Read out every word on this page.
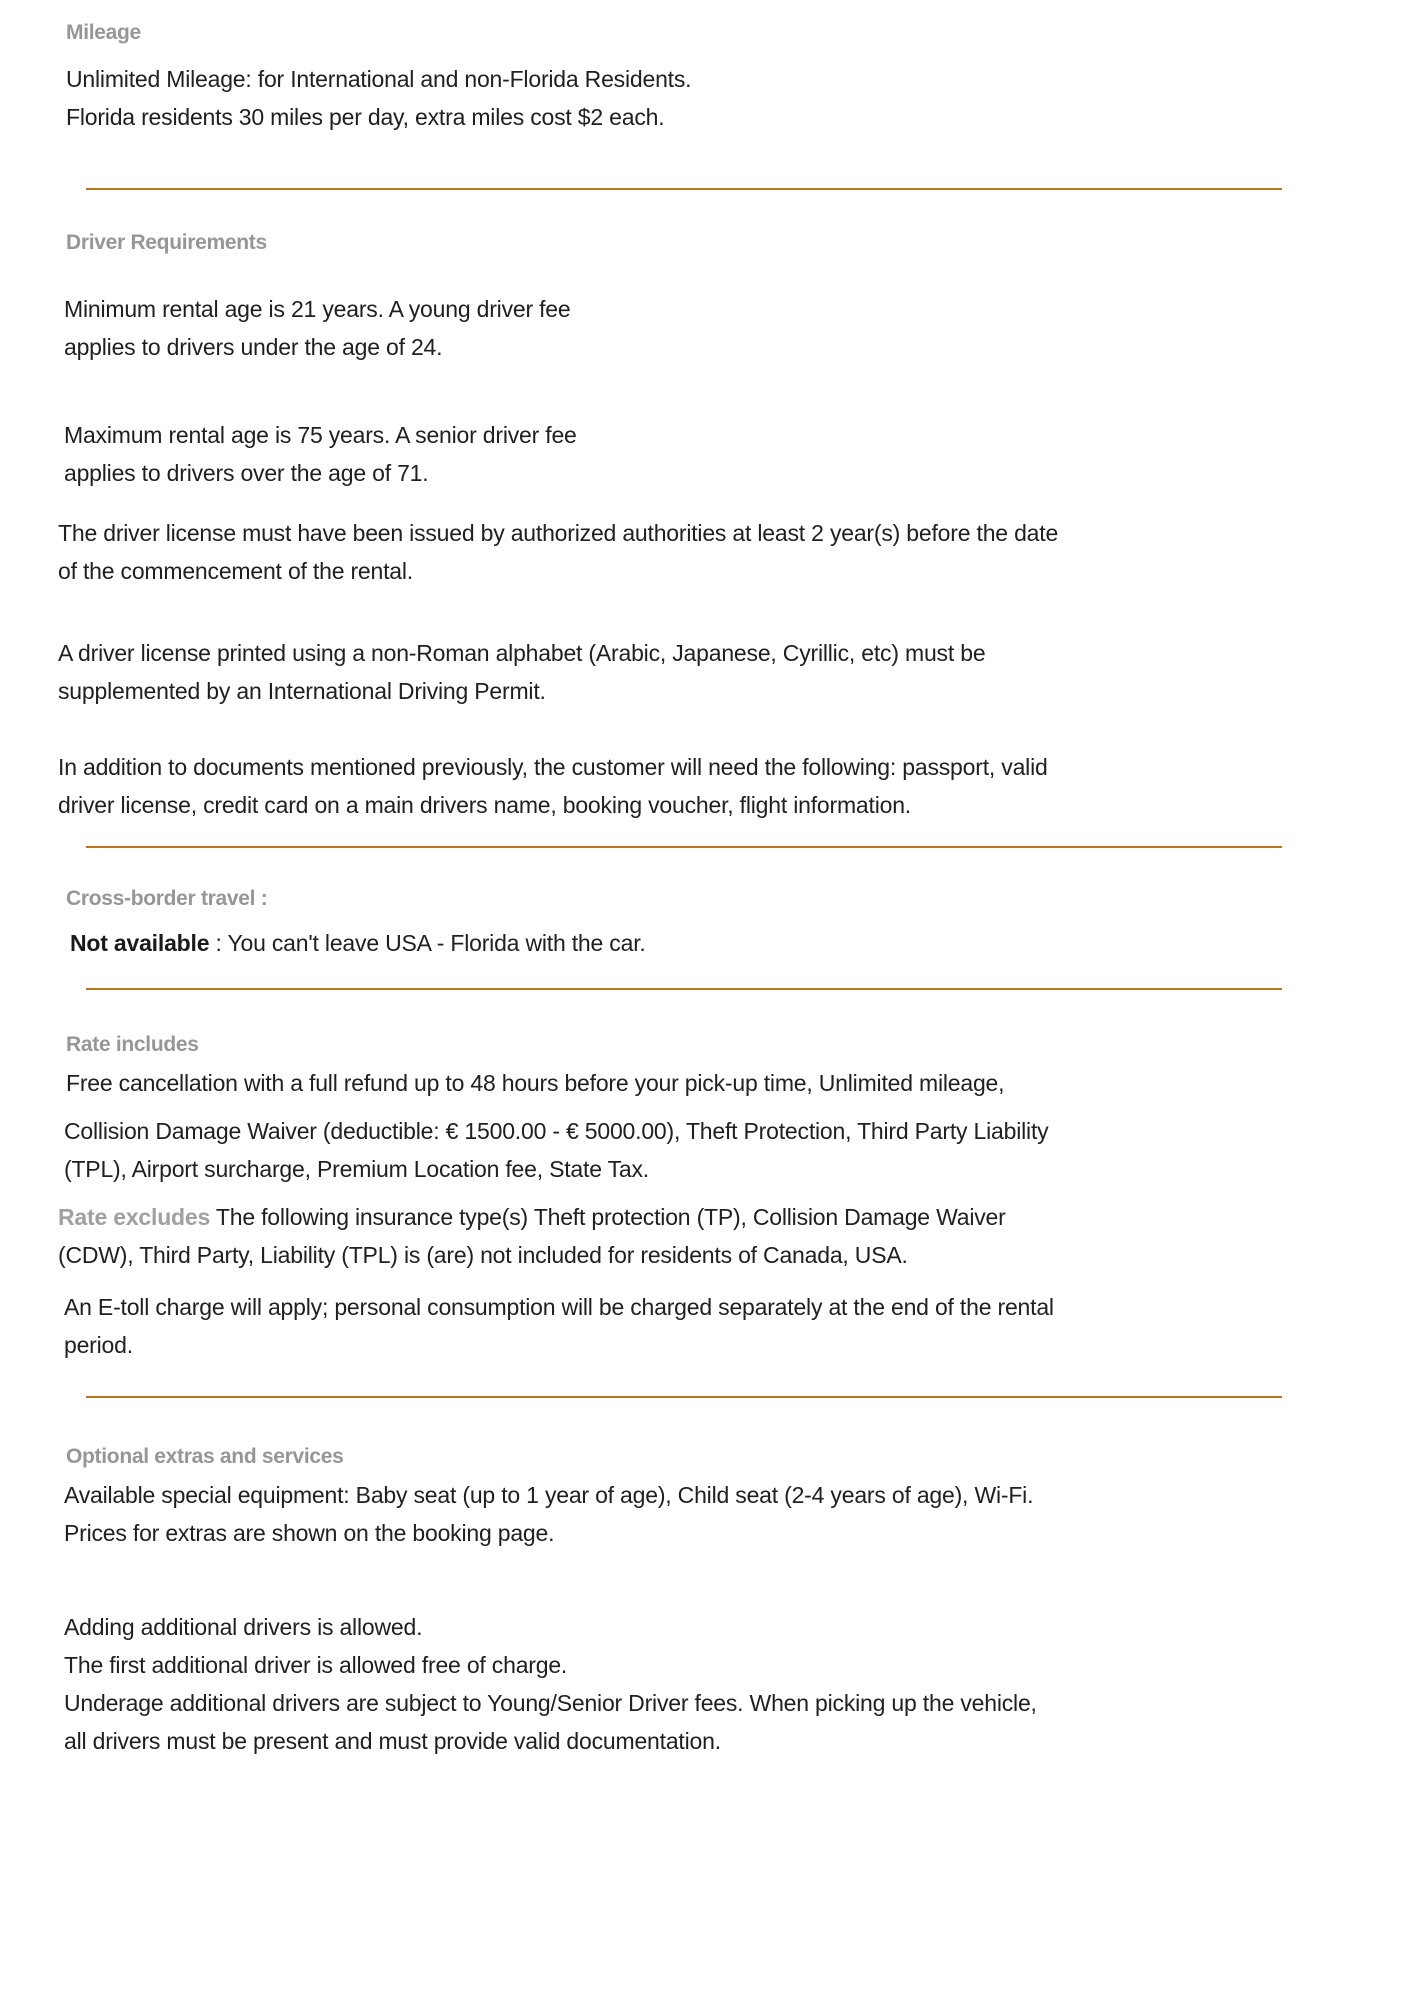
Mileage

Unlimited Mileage: for International and non-Florida Residents.
Florida residents 30 miles per day, extra miles cost $2 each.

Driver Requirements

Minimum rental age is 21 years. A young driver fee
applies to drivers under the age of 24.

Maximum rental age is 75 years. A senior driver fee
applies to drivers over the age of 71.

The driver license must have been issued by authorized authorities at least 2 year(s) before the date
of the commencement of the rental.

A driver license printed using a non-Roman alphabet (Arabic, Japanese, Cyrillic, etc) must be
supplemented by an International Driving Permit.

In addition to documents mentioned previously, the customer will need the following: passport, valid
driver license, credit card on a main drivers name, booking voucher, flight information.

Cross-border travel :

Not available : You can't leave USA - Florida with the car.

Rate includes

Free cancellation with a full refund up to 48 hours before your pick-up time, Unlimited mileage,

Collision Damage Waiver (deductible: € 1500.00 - € 5000.00), Theft Protection, Third Party Liability
(TPL), Airport surcharge, Premium Location fee, State Tax.

Rate excludes The following insurance type(s) Theft protection (TP), Collision Damage Waiver
(CDW), Third Party, Liability (TPL) is (are) not included for residents of Canada, USA.

An E-toll charge will apply; personal consumption will be charged separately at the end of the rental
period.

Optional extras and services

Available special equipment: Baby seat (up to 1 year of age), Child seat (2-4 years of age), Wi-Fi.
Prices for extras are shown on the booking page.

Adding additional drivers is allowed.
The first additional driver is allowed free of charge.
Underage additional drivers are subject to Young/Senior Driver fees. When picking up the vehicle,
all drivers must be present and must provide valid documentation.
